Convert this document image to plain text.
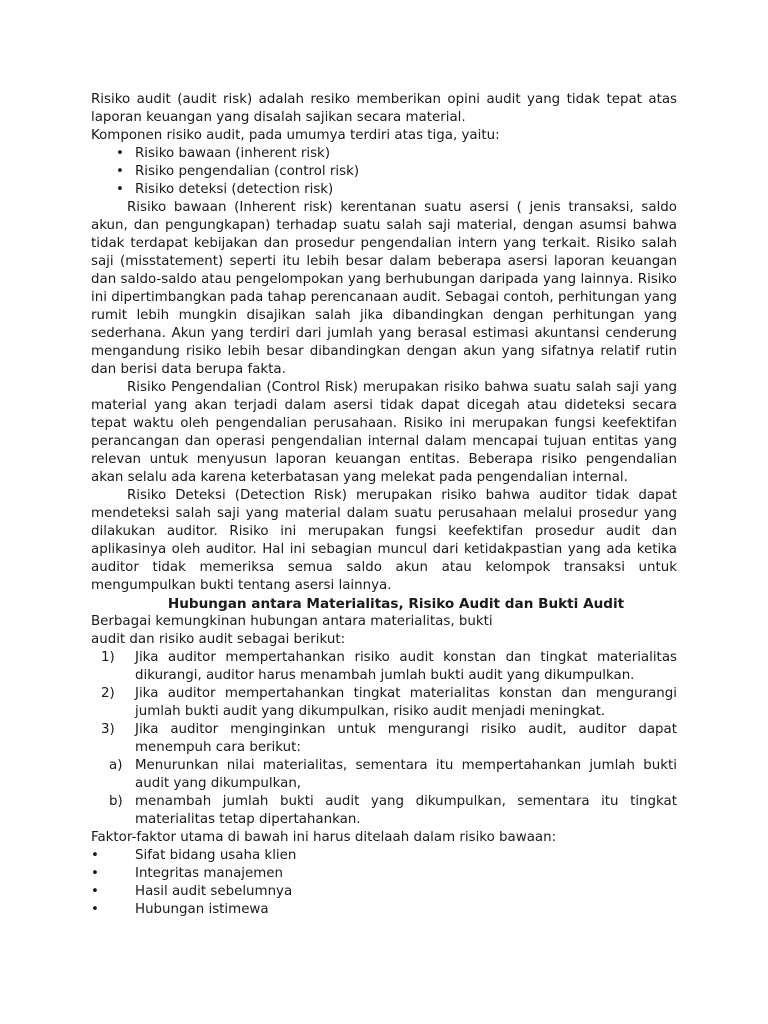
Risiko audit (audit risk) adalah resiko memberikan opini audit yang tidak tepat atas laporan keuangan yang disalah sajikan secara material.

Komponen risiko audit, pada umumya terdiri atas tiga, yaitu:

• Risiko bawaan (inherent risk)
• Risiko pengendalian (control risk)
• Risiko deteksi (detection risk)

Risiko bawaan (Inherent risk) kerentanan suatu asersi ( jenis transaksi, saldo akun, dan pengungkapan) terhadap suatu salah saji material, dengan asumsi bahwa tidak terdapat kebijakan dan prosedur pengendalian intern yang terkait. Risiko salah saji (misstatement) seperti itu lebih besar dalam beberapa asersi laporan keuangan dan saldo-saldo atau pengelompokan yang berhubungan daripada yang lainnya. Risiko ini dipertimbangkan pada tahap perencanaan audit. Sebagai contoh, perhitungan yang rumit lebih mungkin disajikan salah jika dibandingkan dengan perhitungan yang sederhana. Akun yang terdiri dari jumlah yang berasal estimasi akuntansi cenderung mengandung risiko lebih besar dibandingkan dengan akun yang sifatnya relatif rutin dan berisi data berupa fakta.

Risiko Pengendalian (Control Risk) merupakan risiko bahwa suatu salah saji yang material yang akan terjadi dalam asersi tidak dapat dicegah atau dideteksi secara tepat waktu oleh pengendalian perusahaan. Risiko ini merupakan fungsi keefektifan perancangan dan operasi pengendalian internal dalam mencapai tujuan entitas yang relevan untuk menyusun laporan keuangan entitas. Beberapa risiko pengendalian akan selalu ada karena keterbatasan yang melekat pada pengendalian internal.

Risiko Deteksi (Detection Risk) merupakan risiko bahwa auditor tidak dapat mendeteksi salah saji yang material dalam suatu perusahaan melalui prosedur yang dilakukan auditor. Risiko ini merupakan fungsi keefektifan prosedur audit dan aplikasinya oleh auditor. Hal ini sebagian muncul dari ketidakpastian yang ada ketika auditor tidak memeriksa semua saldo akun atau kelompok transaksi untuk mengumpulkan bukti tentang asersi lainnya.

Hubungan antara Materialitas, Risiko Audit dan Bukti Audit

Berbagai kemungkinan hubungan antara materialitas, bukti

audit dan risiko audit sebagai berikut:

1)	Jika auditor mempertahankan risiko audit konstan dan tingkat materialitas dikurangi, auditor harus menambah jumlah bukti audit yang dikumpulkan.
2)	Jika auditor mempertahankan tingkat materialitas konstan dan mengurangi jumlah bukti audit yang dikumpulkan, risiko audit menjadi meningkat.
3)	Jika auditor menginginkan untuk mengurangi risiko audit, auditor dapat menempuh cara berikut:
a) Menurunkan nilai materialitas, sementara itu mempertahankan jumlah bukti audit yang dikumpulkan,
b) menambah jumlah bukti audit yang dikumpulkan, sementara itu tingkat materialitas tetap dipertahankan.

Faktor-faktor utama di bawah ini harus ditelaah dalam risiko bawaan:

• Sifat bidang usaha klien
• Integritas manajemen
• Hasil audit sebelumnya
• Hubungan istimewa
